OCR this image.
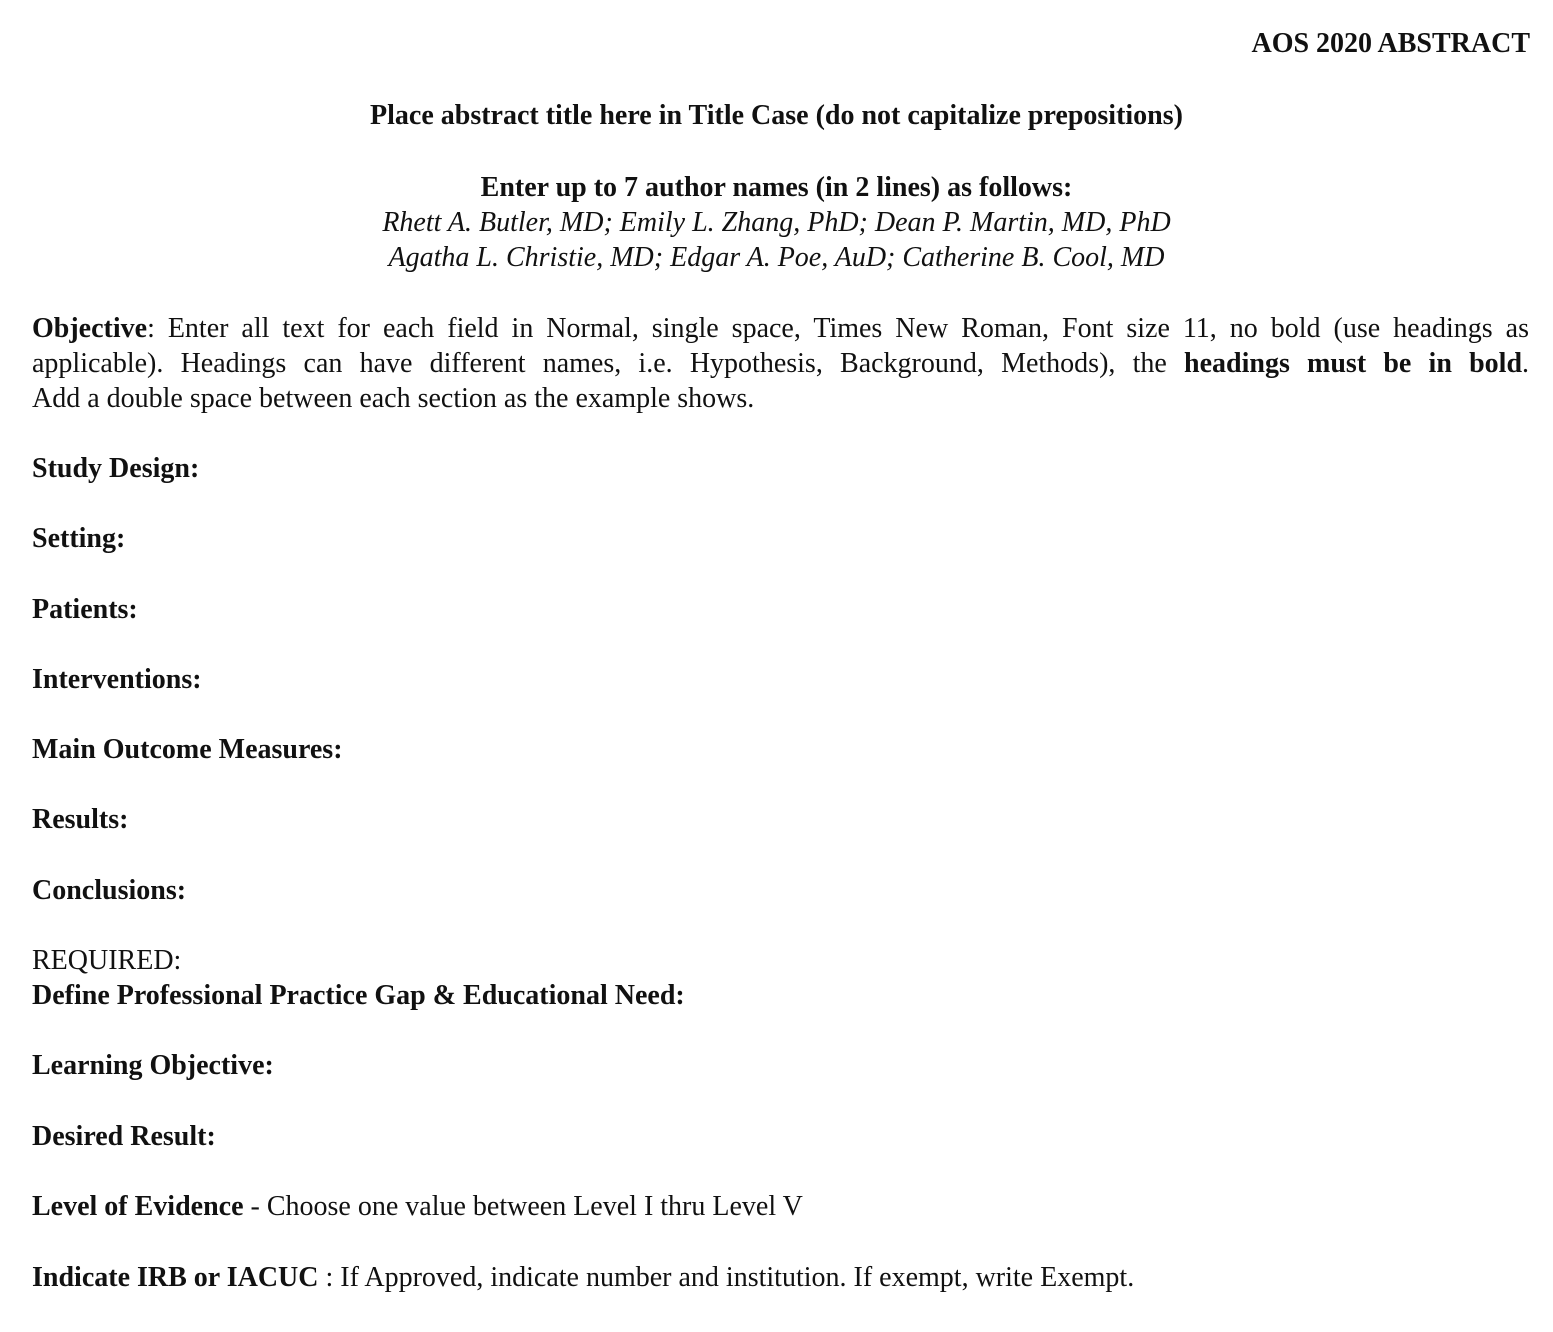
AOS 2020 ABSTRACT
Place abstract title here in Title Case (do not capitalize prepositions)
Enter up to 7 author names (in 2 lines) as follows:
Rhett A. Butler, MD; Emily L. Zhang, PhD; Dean P. Martin, MD, PhD
Agatha L. Christie, MD; Edgar A. Poe, AuD; Catherine B. Cool, MD
Objective: Enter all text for each field in Normal, single space, Times New Roman, Font size 11, no bold (use headings as
applicable). Headings can have different names, i.e. Hypothesis, Background, Methods), the headings must be in bold.
Add a double space between each section as the example shows.
Study Design:
Setting:
Patients:
Interventions:
Main Outcome Measures:
Results:
Conclusions:
REQUIRED:
Define Professional Practice Gap & Educational Need:
Learning Objective:
Desired Result:
Level of Evidence - Choose one value between Level I thru Level V
Indicate IRB or IACUC : If Approved, indicate number and institution. If exempt, write Exempt.
